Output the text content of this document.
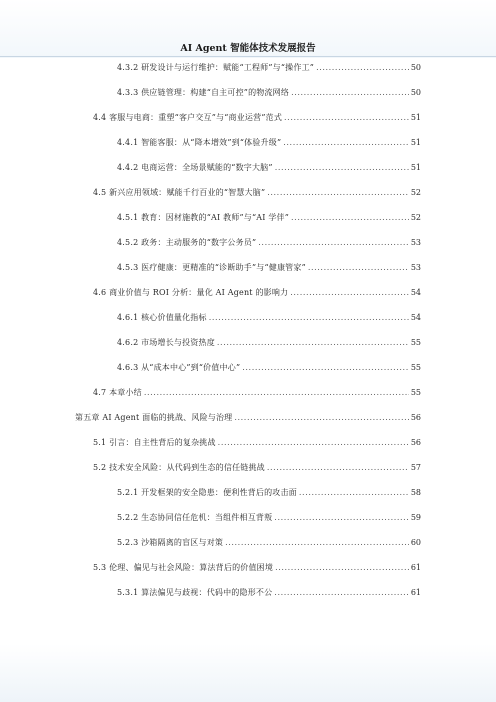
AI Agent 智能体技术发展报告
4.3.2 研发设计与运行维护：赋能“工程师”与“操作工” .....	50
4.3.3 供应链管理：构建“自主可控”的物流网络 .....	50
4.4 客服与电商：重塑“客户交互”与“商业运营”范式 .....	51
4.4.1 智能客服：从“降本增效”到“体验升级” .....	51
4.4.2 电商运营：全场景赋能的“数字大脑” .....	51
4.5 新兴应用领域：赋能千行百业的“智慧大脑” .....	52
4.5.1 教育：因材施教的“AI 教师”与“AI 学伴” .....	52
4.5.2 政务：主动服务的“数字公务员” .....	53
4.5.3 医疗健康：更精准的“诊断助手”与“健康管家” .....	53
4.6 商业价值与 ROI 分析：量化 AI Agent 的影响力 .....	54
4.6.1 核心价值量化指标 .....	54
4.6.2 市场增长与投资热度 .....	55
4.6.3 从“成本中心”到“价值中心” .....	55
4.7 本章小结 .....	55
第五章 AI Agent 面临的挑战、风险与治理 .....	56
5.1 引言：自主性背后的复杂挑战 .....	56
5.2 技术安全风险：从代码到生态的信任链挑战 .....	57
5.2.1 开发框架的安全隐患：便利性背后的攻击面 .....	58
5.2.2 生态协同信任危机：当组件相互背叛 .....	59
5.2.3 沙箱隔离的盲区与对策 .....	60
5.3 伦理、偏见与社会风险：算法背后的价值困境 .....	61
5.3.1 算法偏见与歧视：代码中的隐形不公 .....	61
